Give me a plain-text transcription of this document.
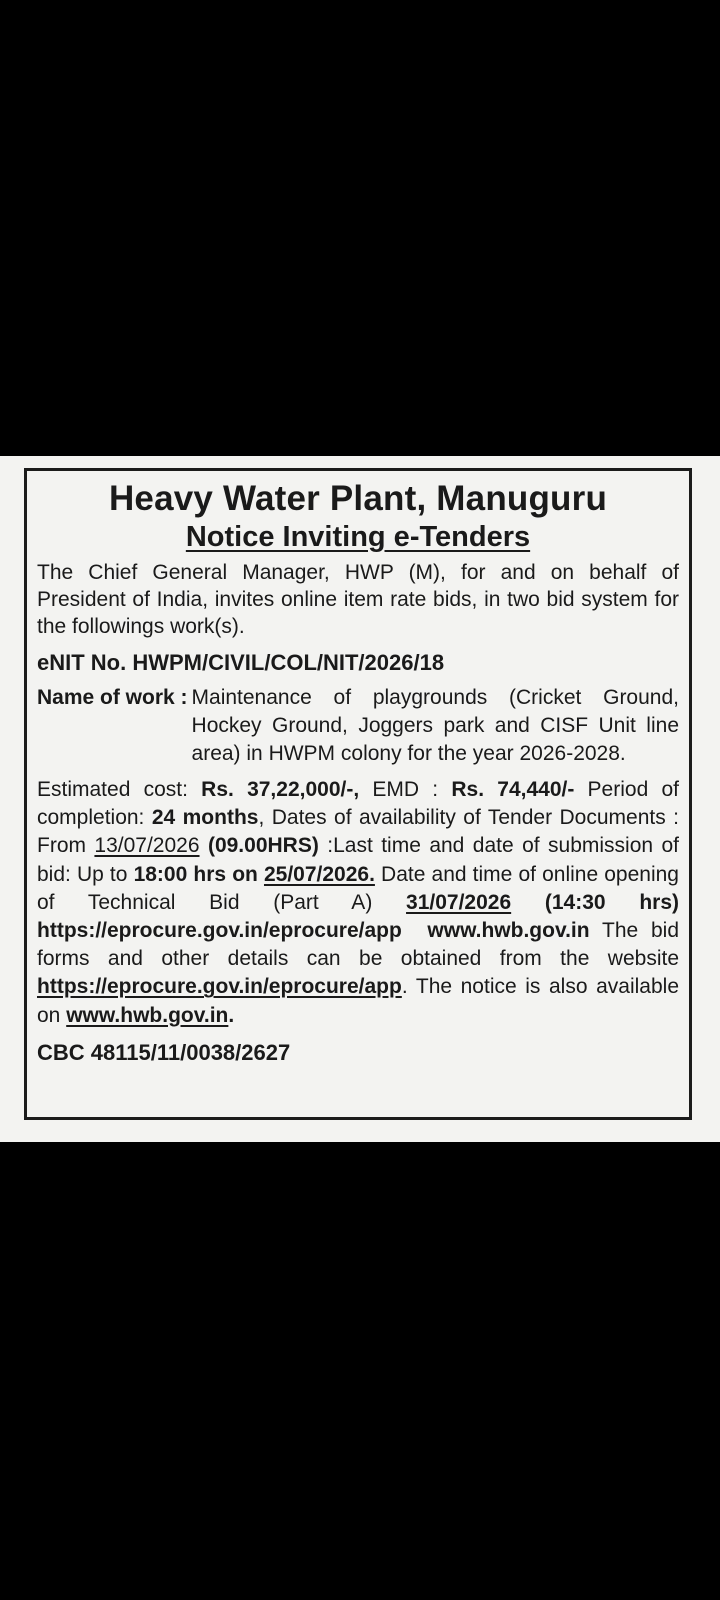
Heavy Water Plant, Manuguru
Notice Inviting e-Tenders

The Chief General Manager, HWP (M), for and on behalf of President of India, invites online item rate bids, in two bid system for the followings work(s).

eNIT No. HWPM/CIVIL/COL/NIT/2026/18
Name of work : Maintenance of playgrounds (Cricket Ground, Hockey Ground, Joggers park and CISF Unit line area) in HWPM colony for the year 2026-2028.

Estimated cost: Rs. 37,22,000/-, EMD : Rs. 74,440/- Period of completion: 24 months, Dates of availability of Tender Documents : From 13/07/2026 (09.00HRS) :Last time and date of submission of bid: Up to 18:00 hrs on 25/07/2026. Date and time of online opening of Technical Bid (Part A) 31/07/2026 (14:30 hrs) https://eprocure.gov.in/eprocure/app www.hwb.gov.in The bid forms and other details can be obtained from the website https://eprocure.gov.in/eprocure/app. The notice is also available on www.hwb.gov.in.

CBC 48115/11/0038/2627
